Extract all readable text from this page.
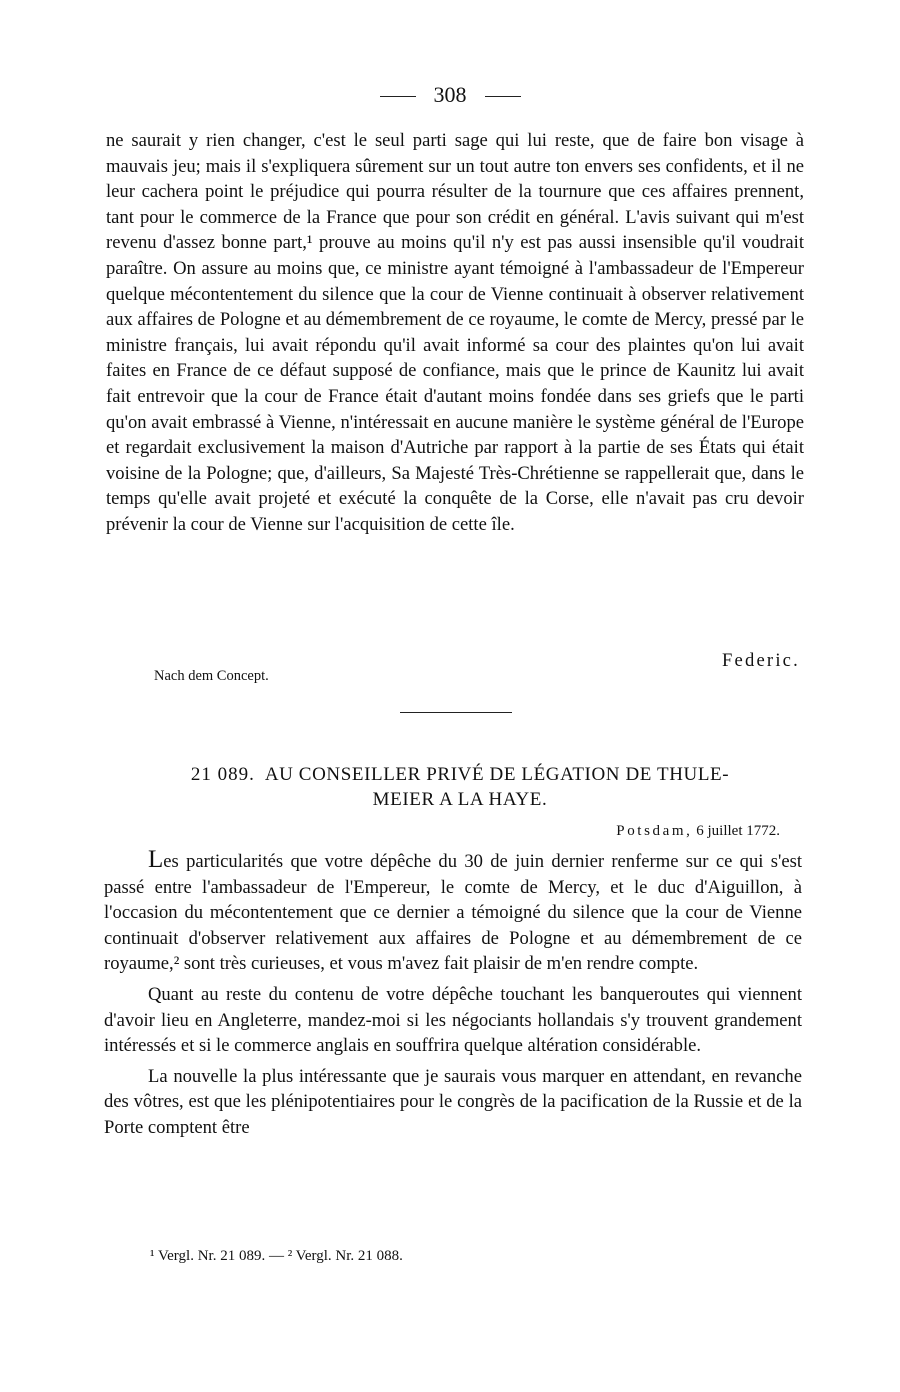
308

ne saurait y rien changer, c'est le seul parti sage qui lui reste, que de faire bon visage à mauvais jeu; mais il s'expliquera sûrement sur un tout autre ton envers ses confidents, et il ne leur cachera point le préjudice qui pourra résulter de la tournure que ces affaires prennent, tant pour le commerce de la France que pour son crédit en général. L'avis suivant qui m'est revenu d'assez bonne part,¹ prouve au moins qu'il n'y est pas aussi insensible qu'il voudrait paraître. On assure au moins que, ce ministre ayant témoigné à l'ambassadeur de l'Empereur quelque mécontentement du silence que la cour de Vienne continuait à observer relativement aux affaires de Pologne et au démembrement de ce royaume, le comte de Mercy, pressé par le ministre français, lui avait répondu qu'il avait informé sa cour des plaintes qu'on lui avait faites en France de ce défaut supposé de confiance, mais que le prince de Kaunitz lui avait fait entrevoir que la cour de France était d'autant moins fondée dans ses griefs que le parti qu'on avait embrassé à Vienne, n'intéressait en aucune manière le système général de l'Europe et regardait exclusivement la maison d'Autriche par rapport à la partie de ses États qui était voisine de la Pologne; que, d'ailleurs, Sa Majesté Très-Chrétienne se rappellerait que, dans le temps qu'elle avait projeté et exécuté la conquête de la Corse, elle n'avait pas cru devoir prévenir la cour de Vienne sur l'acquisition de cette île.

Federic.
Nach dem Concept.
21 089. AU CONSEILLER PRIVÉ DE LÉGATION DE THULE-
MEIER A LA HAYE.
Potsdam, 6 juillet 1772.

Les particularités que votre dépêche du 30 de juin dernier renferme sur ce qui s'est passé entre l'ambassadeur de l'Empereur, le comte de Mercy, et le duc d'Aiguillon, à l'occasion du mécontentement que ce dernier a témoigné du silence que la cour de Vienne continuait d'observer relativement aux affaires de Pologne et au démembrement de ce royaume,² sont très curieuses, et vous m'avez fait plaisir de m'en rendre compte.

Quant au reste du contenu de votre dépêche touchant les banqueroutes qui viennent d'avoir lieu en Angleterre, mandez-moi si les négociants hollandais s'y trouvent grandement intéressés et si le commerce anglais en souffrira quelque altération considérable.

La nouvelle la plus intéressante que je saurais vous marquer en attendant, en revanche des vôtres, est que les plénipotentiaires pour le congrès de la pacification de la Russie et de la Porte comptent être

¹ Vergl. Nr. 21 089. — ² Vergl. Nr. 21 088.
